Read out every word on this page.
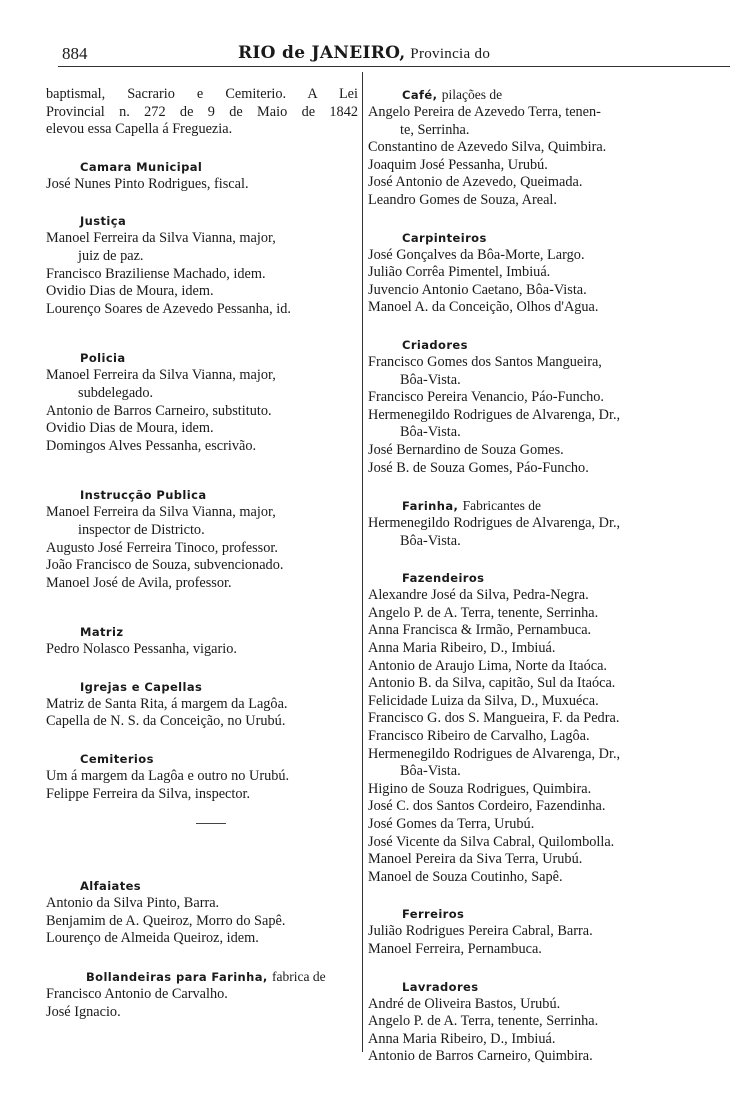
884	RIO de JANEIRO, Provincia do
baptismal, Sacrario e Cemiterio. A Lei
Provincial n. 272 de 9 de Maio de 1842
elevou essa Capella á Freguezia.
Camara Municipal
José Nunes Pinto Rodrigues, fiscal.
Justiça
Manoel Ferreira da Silva Vianna, major,
juiz de paz.
Francisco Braziliense Machado, idem.
Ovidio Dias de Moura, idem.
Lourenço Soares de Azevedo Pessanha, id.
Policia
Manoel Ferreira da Silva Vianna, major,
subdelegado.
Antonio de Barros Carneiro, substituto.
Ovidio Dias de Moura, idem.
Domingos Alves Pessanha, escrivão.
Instrucção Publica
Manoel Ferreira da Silva Vianna, major,
inspector de Districto.
Augusto José Ferreira Tinoco, professor.
João Francisco de Souza, subvencionado.
Manoel José de Avila, professor.
Matriz
Pedro Nolasco Pessanha, vigario.
Igrejas e Capellas
Matriz de Santa Rita, á margem da Lagôa.
Capella de N. S. da Conceição, no Urubú.
Cemiterios
Um á margem da Lagôa e outro no Urubú.
Felippe Ferreira da Silva, inspector.
Alfaiates
Antonio da Silva Pinto, Barra.
Benjamim de A. Queiroz, Morro do Sapê.
Lourenço de Almeida Queiroz, idem.
Bollandeiras para Farinha, fabrica de
Francisco Antonio de Carvalho.
José Ignacio.
Café, pilações de
Angelo Pereira de Azevedo Terra, tenen-
te, Serrinha.
Constantino de Azevedo Silva, Quimbira.
Joaquim José Pessanha, Urubú.
José Antonio de Azevedo, Queimada.
Leandro Gomes de Souza, Areal.
Carpinteiros
José Gonçalves da Bôa-Morte, Largo.
Julião Corrêa Pimentel, Imbiuá.
Juvencio Antonio Caetano, Bôa-Vista.
Manoel A. da Conceição, Olhos d'Agua.
Criadores
Francisco Gomes dos Santos Mangueira,
Bôa-Vista.
Francisco Pereira Venancio, Páo-Funcho.
Hermenegildo Rodrigues de Alvarenga, Dr.,
Bôa-Vista.
José Bernardino de Souza Gomes.
José B. de Souza Gomes, Páo-Funcho.
Farinha, Fabricantes de
Hermenegildo Rodrigues de Alvarenga, Dr.,
Bôa-Vista.
Fazendeiros
Alexandre José da Silva, Pedra-Negra.
Angelo P. de A. Terra, tenente, Serrinha.
Anna Francisca & Irmão, Pernambuca.
Anna Maria Ribeiro, D., Imbiuá.
Antonio de Araujo Lima, Norte da Itaóca.
Antonio B. da Silva, capitão, Sul da Itaóca.
Felicidade Luiza da Silva, D., Muxuéca.
Francisco G. dos S. Mangueira, F. da Pedra.
Francisco Ribeiro de Carvalho, Lagôa.
Hermenegildo Rodrigues de Alvarenga, Dr.,
Bôa-Vista.
Higino de Souza Rodrigues, Quimbira.
José C. dos Santos Cordeiro, Fazendinha.
José Gomes da Terra, Urubú.
José Vicente da Silva Cabral, Quilombolla.
Manoel Pereira da Siva Terra, Urubú.
Manoel de Souza Coutinho, Sapê.
Ferreiros
Julião Rodrigues Pereira Cabral, Barra.
Manoel Ferreira, Pernambuca.
Lavradores
André de Oliveira Bastos, Urubú.
Angelo P. de A. Terra, tenente, Serrinha.
Anna Maria Ribeiro, D., Imbiuá.
Antonio de Barros Carneiro, Quimbira.
